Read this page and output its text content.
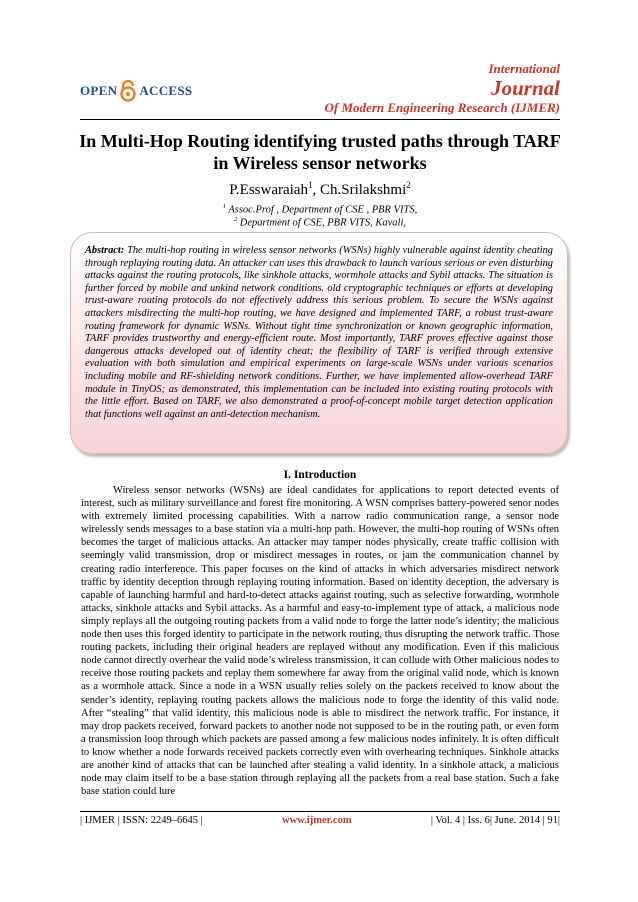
OPEN ACCESS
International
Journal
Of Modern Engineering Research (IJMER)
In Multi-Hop Routing identifying trusted paths through TARF in Wireless sensor networks
P.Esswaraiah$^1$, Ch.Srilakshmi$^2$
$^1$ Assoc.Prof , Department of CSE , PBR VITS,
$^2$ Department of CSE, PBR VITS, Kavali,
Abstract: The multi-hop routing in wireless sensor networks (WSNs) highly vulnerable against identity cheating through replaying routing data. An attacker can uses this drawback to launch various serious or even disturbing attacks against the routing protocols, like sinkhole attacks, wormhole attacks and Sybil attacks. The situation is further forced by mobile and unkind network conditions. old cryptographic techniques or efforts at developing trust-aware routing protocols do not effectively address this serious problem. To secure the WSNs against attackers misdirecting the multi-hop routing, we have designed and implemented TARF, a robust trust-aware routing framework for dynamic WSNs. Without tight time synchronization or known geographic information, TARF provides trustworthy and energy-efficient route. Most importantly, TARF proves effective against those dangerous attacks developed out of identity cheat; the flexibility of TARF is verified through extensive evaluation with both simulation and empirical experiments on large-scale WSNs under various scenarios including mobile and RF-shielding network conditions. Further, we have implemented allow-overhead TARF module in TinyOS; as demonstrated, this implementation can be included into existing routing protocols with the little effort. Based on TARF, we also demonstrated a proof-of-concept mobile target detection application that functions well against an anti-detection mechanism.
I. Introduction
Wireless sensor networks (WSNs) are ideal candidates for applications to report detected events of interest, such as military surveillance and forest fire monitoring. A WSN comprises battery-powered senor nodes with extremely limited processing capabilities. With a narrow radio communication range, a sensor node wirelessly sends messages to a base station via a multi-hop path. However, the multi-hop routing of WSNs often becomes the target of malicious attacks. An attacker may tamper nodes physically, create traffic collision with seemingly valid transmission, drop or misdirect messages in routes, or jam the communication channel by creating radio interference. This paper focuses on the kind of attacks in which adversaries misdirect network traffic by identity deception through replaying routing information. Based on identity deception, the adversary is capable of launching harmful and hard-to-detect attacks against routing, such as selective forwarding, wormhole attacks, sinkhole attacks and Sybil attacks. As a harmful and easy-to-implement type of attack, a malicious node simply replays all the outgoing routing packets from a valid node to forge the latter node’s identity; the malicious node then uses this forged identity to participate in the network routing, thus disrupting the network traffic. Those routing packets, including their original headers are replayed without any modification. Even if this malicious node cannot directly overhear the valid node’s wireless transmission, it can collude with Other malicious nodes to receive those routing packets and replay them somewhere far away from the original valid node, which is known as a wormhole attack. Since a node in a WSN usually relies solely on the packets received to know about the sender’s identity, replaying routing packets allows the malicious node to forge the identity of this valid node. After “stealing” that valid identity, this malicious node is able to misdirect the network traffic. For instance, it may drop packets received, forward packets to another node not supposed to be in the routing path, or even form a transmission loop through which packets are passed among a few malicious nodes infinitely. It is often difficult to know whether a node forwards received packets correctly even with overhearing techniques. Sinkhole attacks are another kind of attacks that can be launched after stealing a valid identity. In a sinkhole attack, a malicious node may claim itself to be a base station through replaying all the packets from a real base station. Such a fake base station could lure
| IJMER | ISSN: 2249–6645 |	www.ijmer.com	| Vol. 4 | Iss. 6| June. 2014 | 91|
